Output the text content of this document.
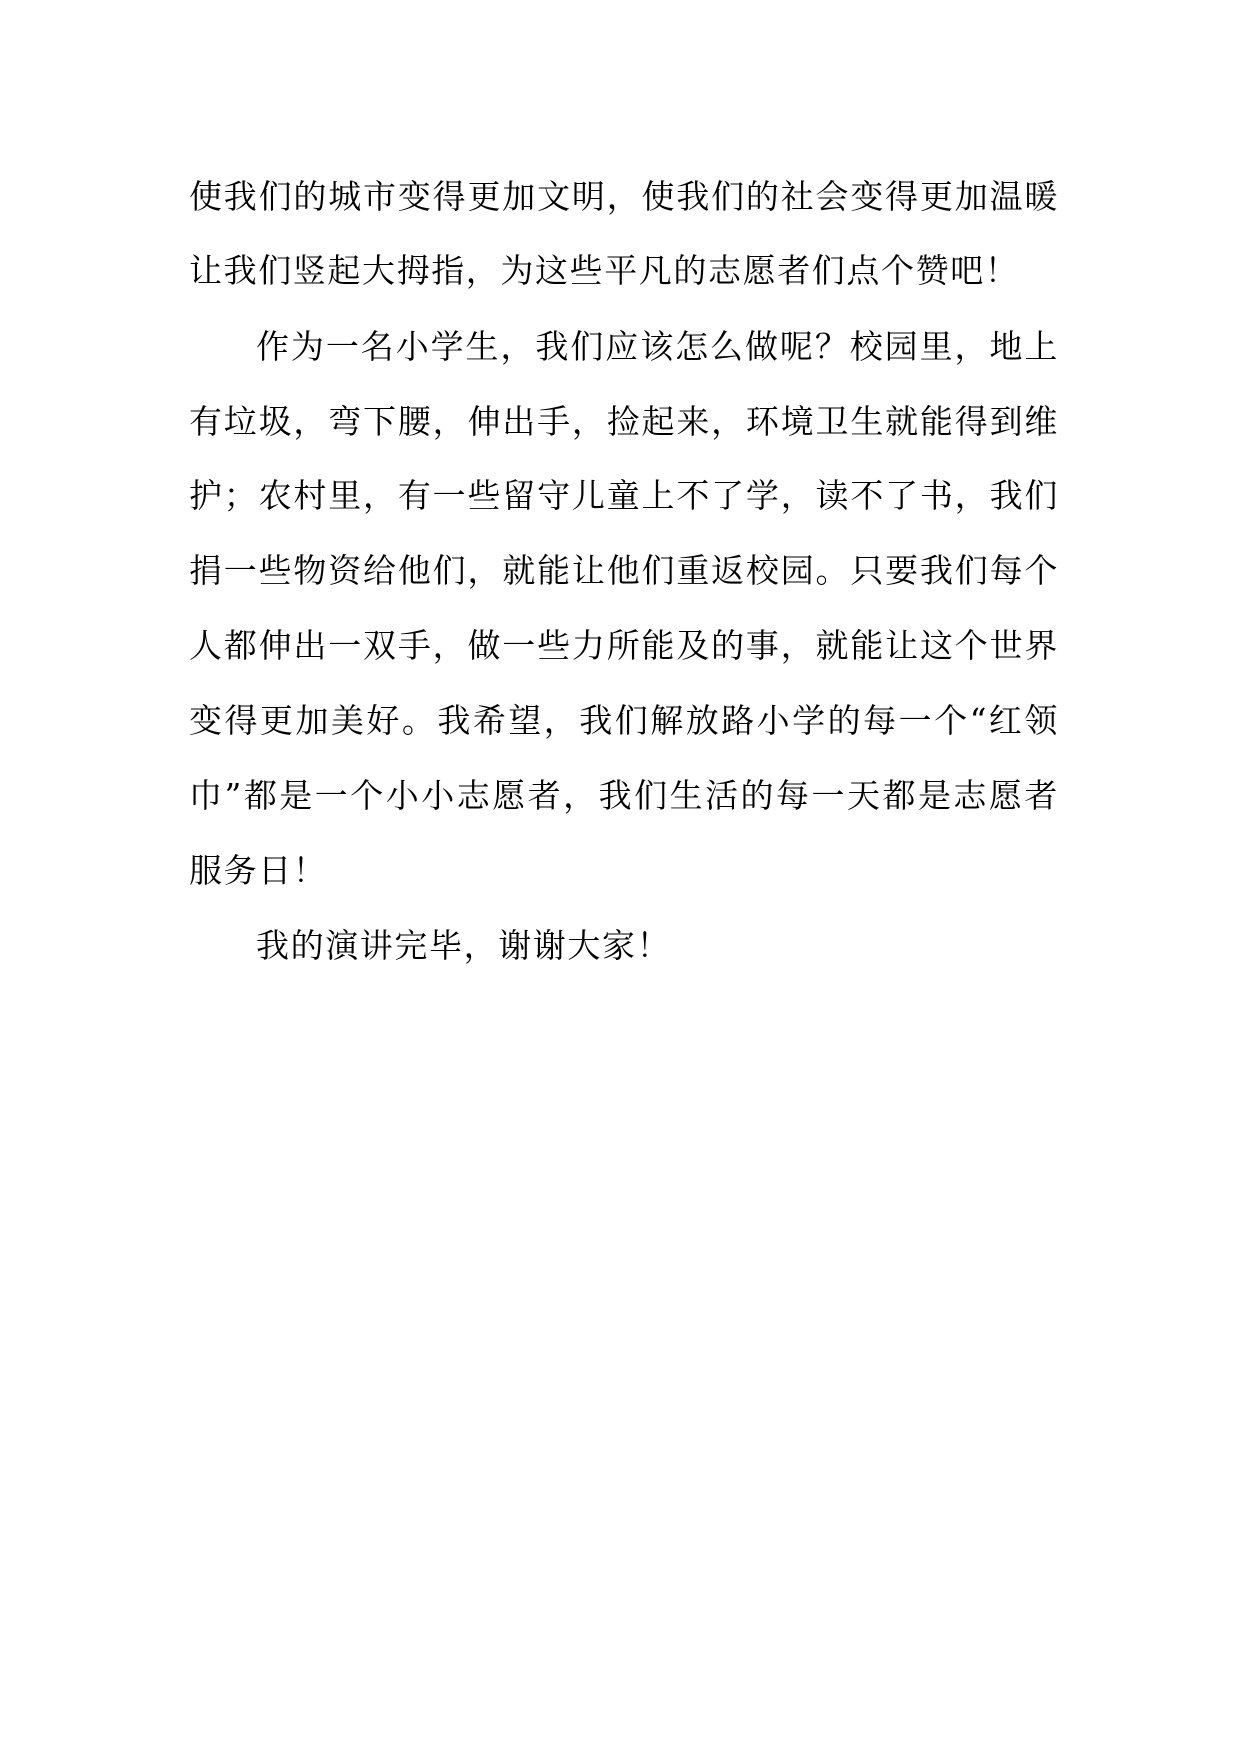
使我们的城市变得更加文明，使我们的社会变得更加温暖
让我们竖起大拇指，为这些平凡的志愿者们点个赞吧！
作为一名小学生，我们应该怎么做呢？校园里，地上
有垃圾，弯下腰，伸出手，捡起来，环境卫生就能得到维
护；农村里，有一些留守儿童上不了学，读不了书，我们
捐一些物资给他们，就能让他们重返校园。只要我们每个
人都伸出一双手，做一些力所能及的事，就能让这个世界
变得更加美好。我希望，我们解放路小学的每一个“红领
巾”都是一个小小志愿者，我们生活的每一天都是志愿者
服务日！
我的演讲完毕，谢谢大家！
